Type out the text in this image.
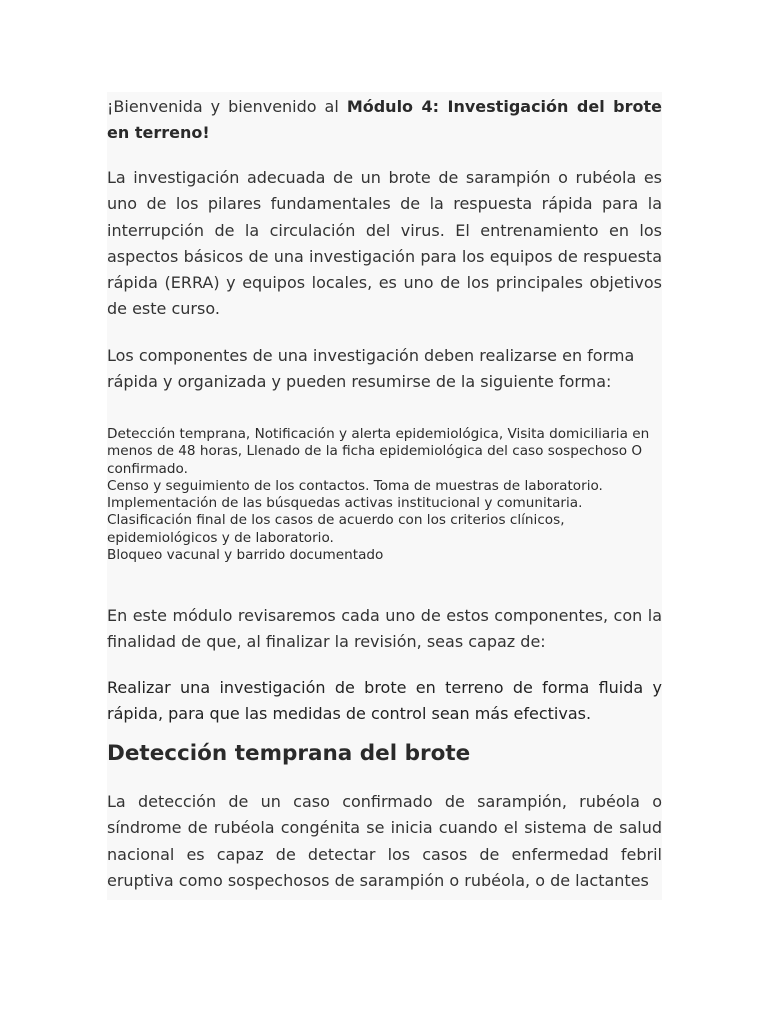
¡Bienvenida y bienvenido al Módulo 4: Investigación del brote en terreno!

La investigación adecuada de un brote de sarampión o rubéola es uno de los pilares fundamentales de la respuesta rápida para la interrupción de la circulación del virus. El entrenamiento en los aspectos básicos de una investigación para los equipos de respuesta rápida (ERRA) y equipos locales, es uno de los principales objetivos de este curso.

Los componentes de una investigación deben realizarse en forma rápida y organizada y pueden resumirse de la siguiente forma:

Detección temprana, Notificación y alerta epidemiológica, Visita domiciliaria en menos de 48 horas, Llenado de la ficha epidemiológica del caso sospechoso O confirmado.
Censo y seguimiento de los contactos. Toma de muestras de laboratorio.
Implementación de las búsquedas activas institucional y comunitaria.
Clasificación final de los casos de acuerdo con los criterios clínicos, epidemiológicos y de laboratorio.
Bloqueo vacunal y barrido documentado

En este módulo revisaremos cada uno de estos componentes, con la finalidad de que, al finalizar la revisión, seas capaz de:

Realizar una investigación de brote en terreno de forma fluida y rápida, para que las medidas de control sean más efectivas.

Detección temprana del brote

La detección de un caso confirmado de sarampión, rubéola o síndrome de rubéola congénita se inicia cuando el sistema de salud nacional es capaz de detectar los casos de enfermedad febril eruptiva como sospechosos de sarampión o rubéola, o de lactantes
